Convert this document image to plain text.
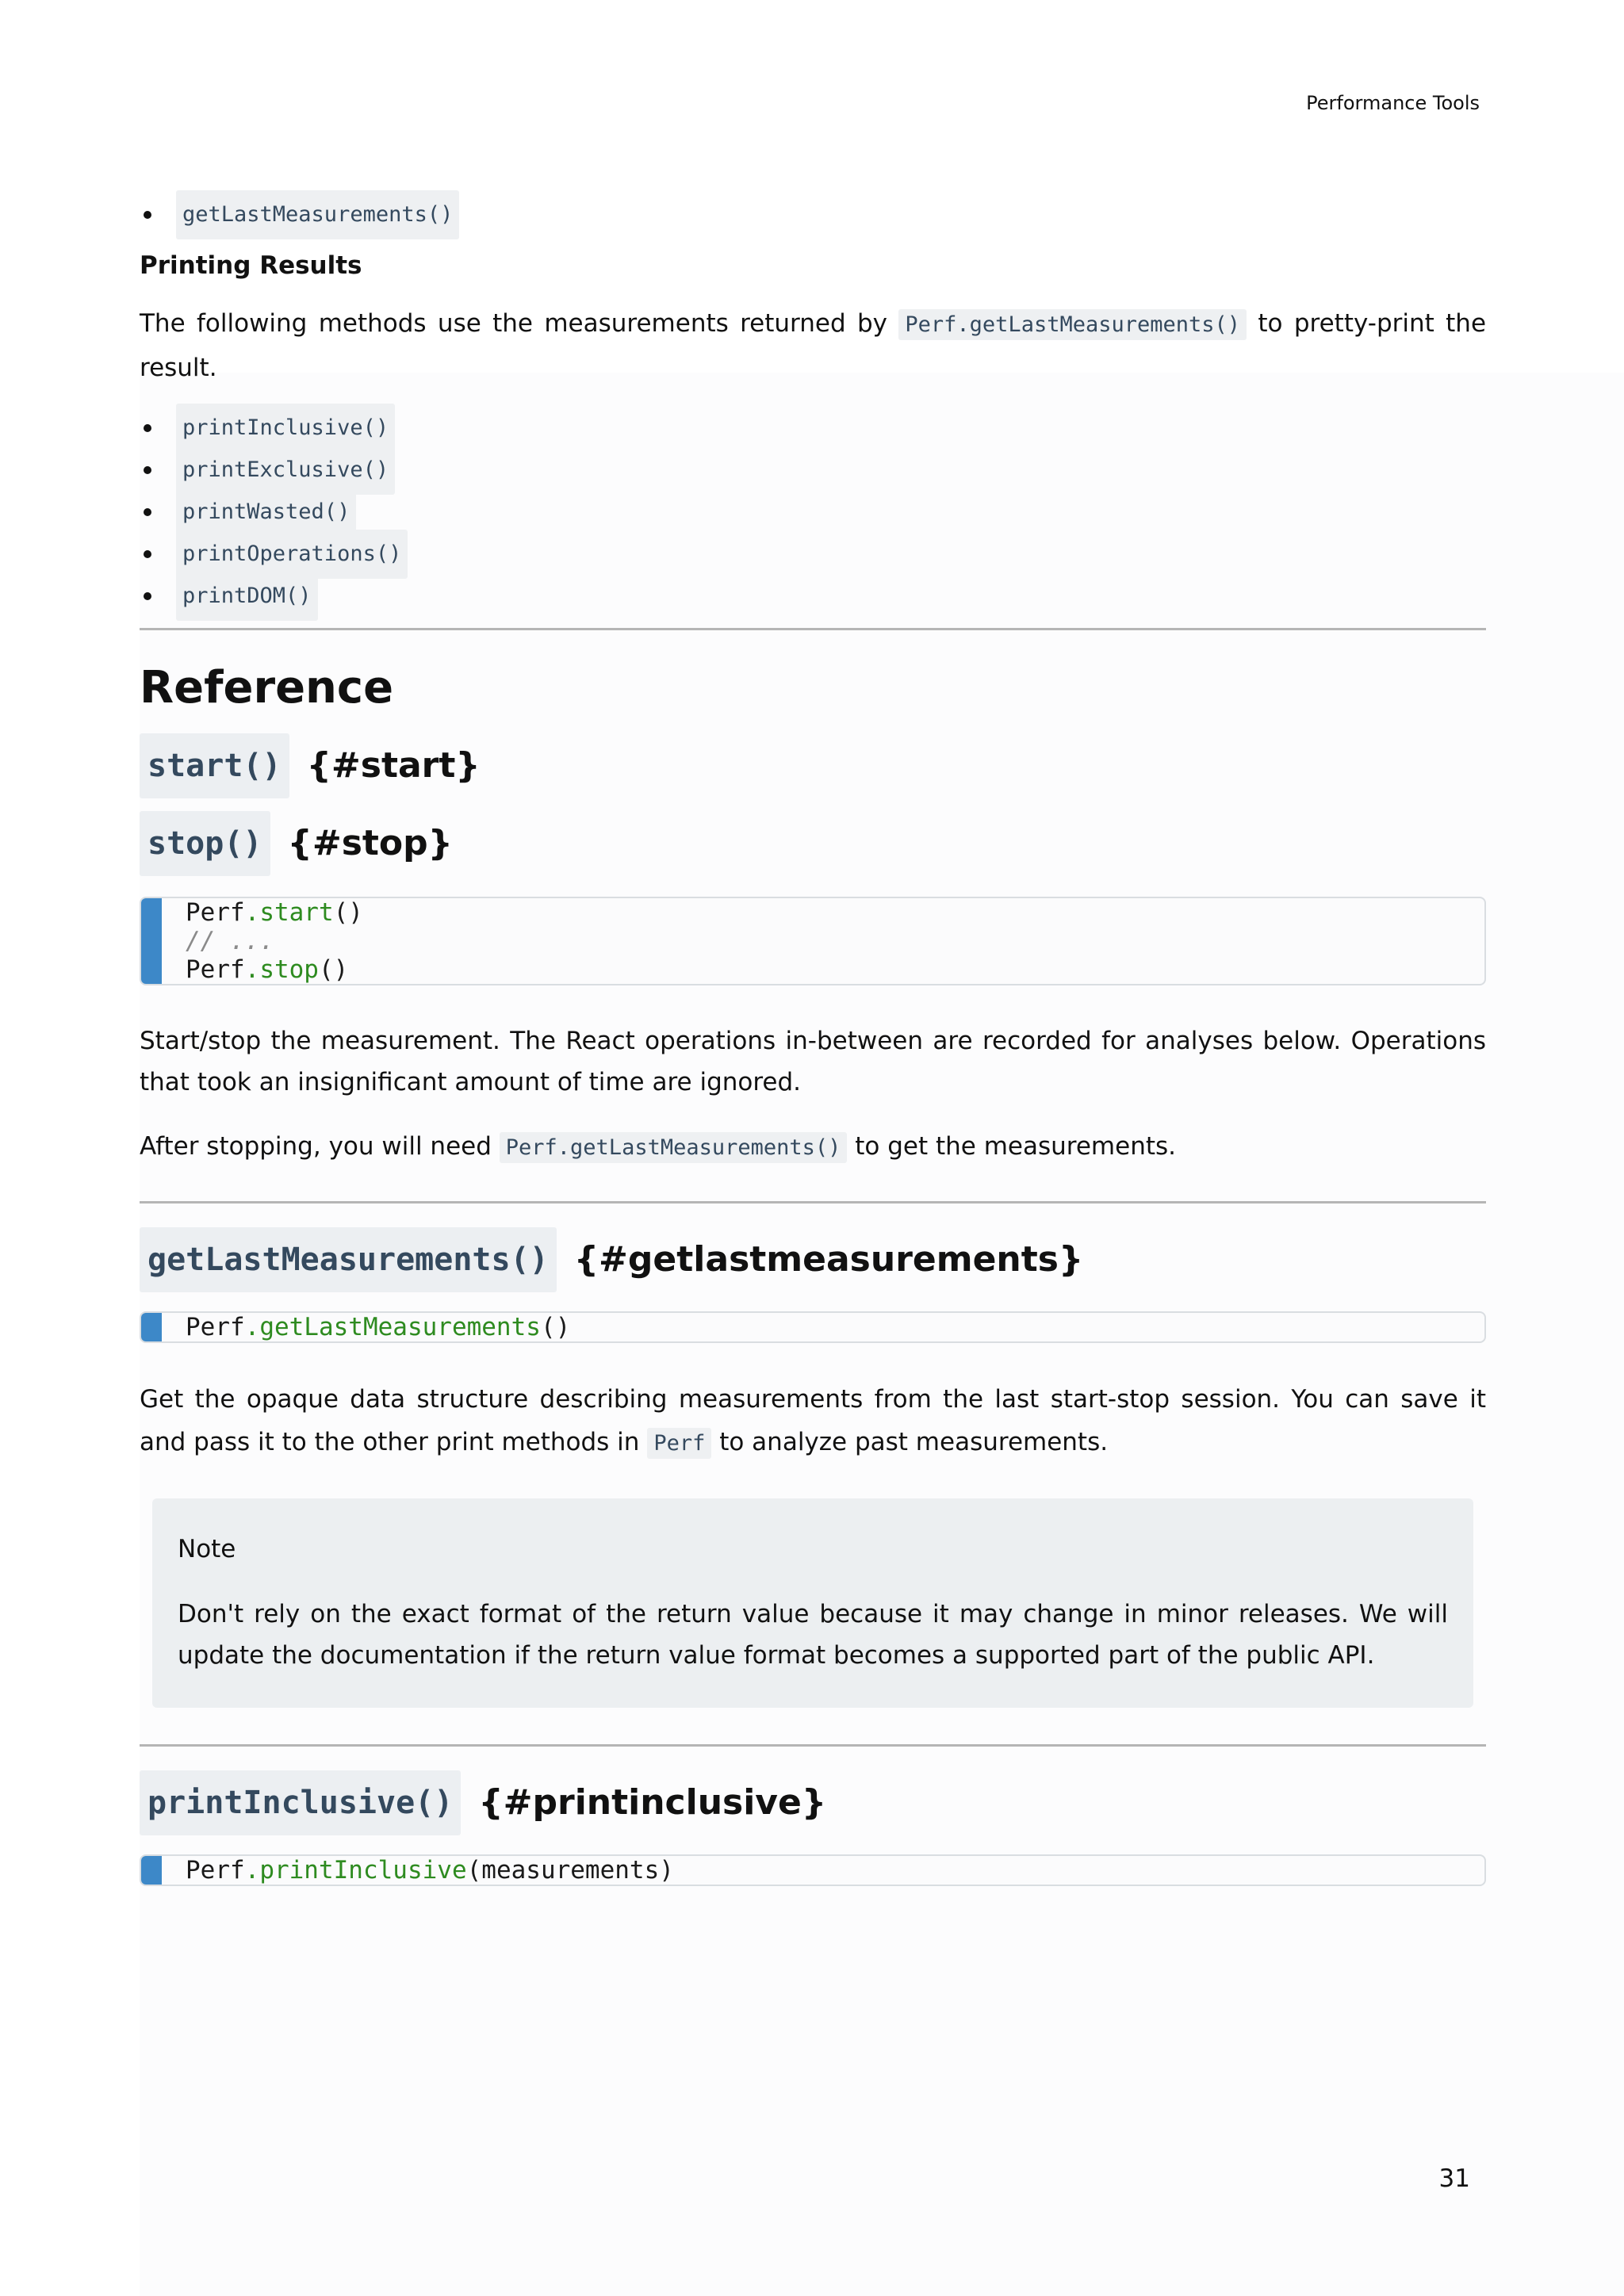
Performance Tools
getLastMeasurements()
Printing Results

The following methods use the measurements returned by Perf.getLastMeasurements() to pretty-print the result.

printInclusive()
printExclusive()
printWasted()
printOperations()
printDOM()
Reference
start() {#start}
stop() {#stop}
Perf.start()
// ...
Perf.stop()

Start/stop the measurement. The React operations in-between are recorded for analyses below. Operations that took an insignificant amount of time are ignored.

After stopping, you will need Perf.getLastMeasurements() to get the measurements.

getLastMeasurements() {#getlastmeasurements}
Perf.getLastMeasurements()

Get the opaque data structure describing measurements from the last start-stop session. You can save it and pass it to the other print methods in Perf to analyze past measurements.

Note

Don't rely on the exact format of the return value because it may change in minor releases. We will update the documentation if the return value format becomes a supported part of the public API.

printInclusive() {#printinclusive}
Perf.printInclusive(measurements)
31
